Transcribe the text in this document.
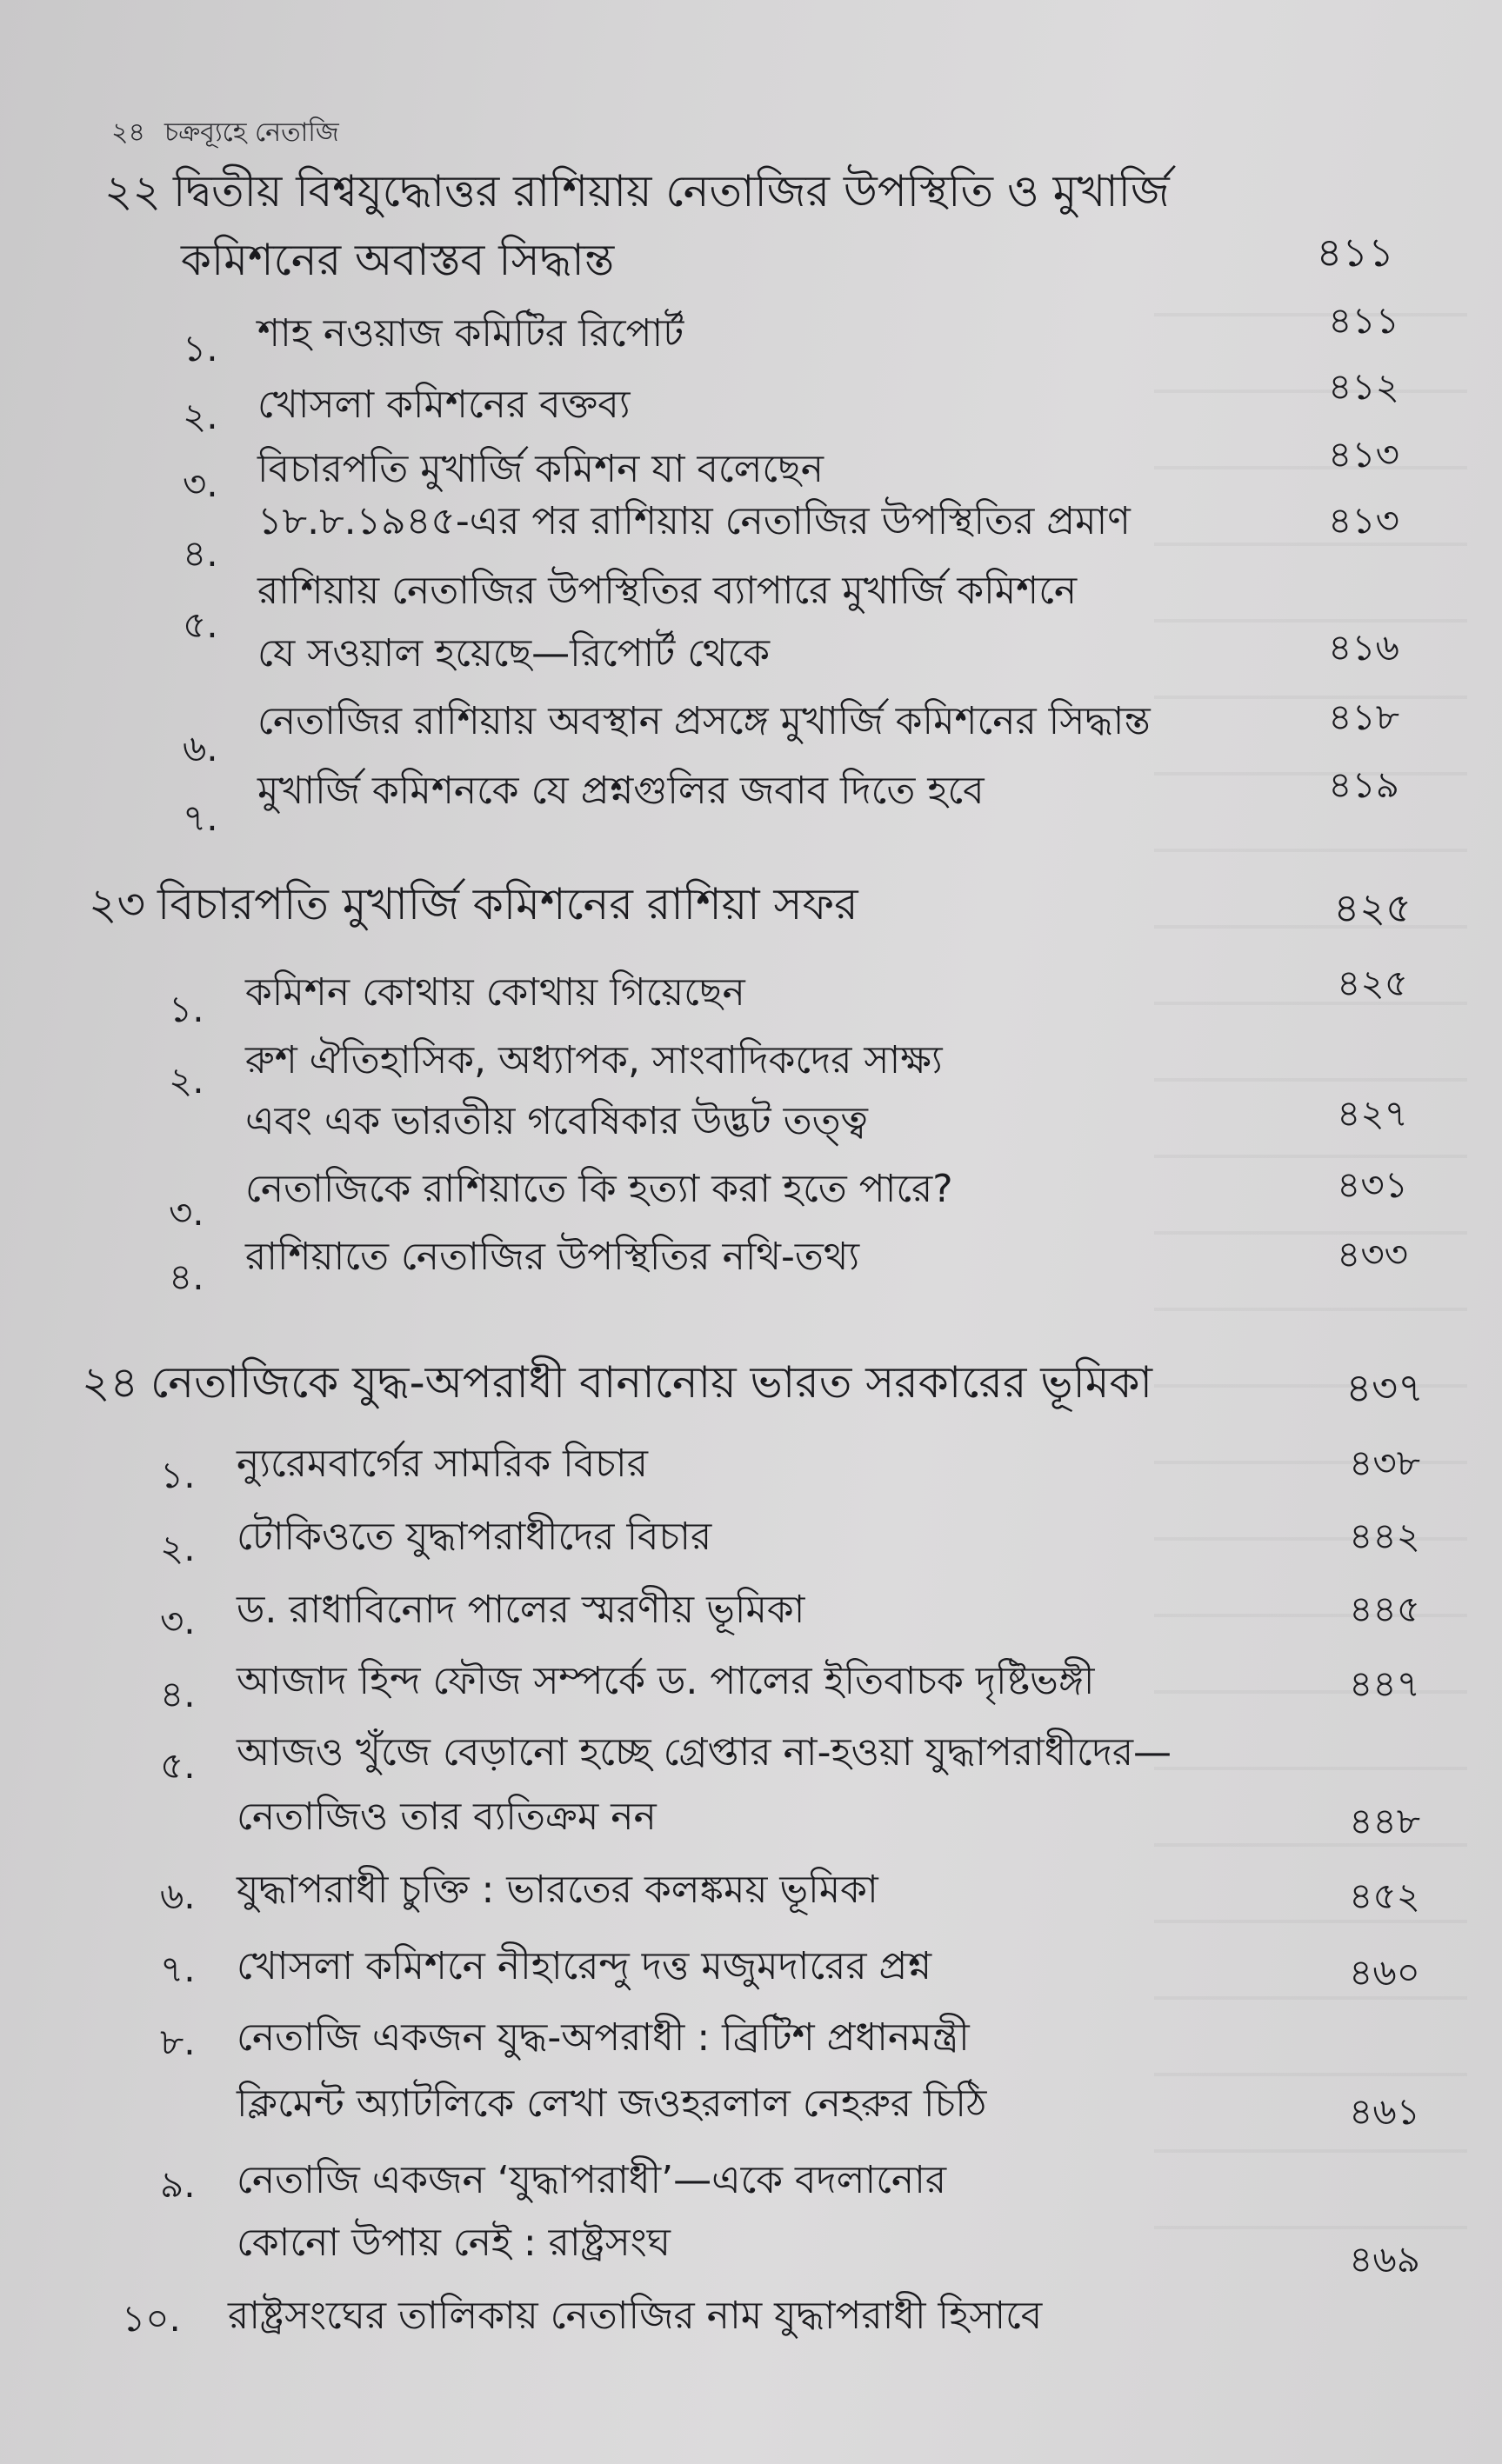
২৪ চক্রব্যূহে নেতাজি
২২ দ্বিতীয় বিশ্বযুদ্ধোত্তর রাশিয়ায় নেতাজির উপস্থিতি ও মুখার্জি
কমিশনের অবাস্তব সিদ্ধান্ত	৪১১
১. শাহ নওয়াজ কমিটির রিপোর্ট	৪১১
২. খোসলা কমিশনের বক্তব্য	৪১২
৩. বিচারপতি মুখার্জি কমিশন যা বলেছেন	৪১৩
৪.
১৮.৮.১৯৪৫-এর পর রাশিয়ায় নেতাজির উপস্থিতির প্রমাণ	৪১৩
৫.
রাশিয়ায় নেতাজির উপস্থিতির ব্যাপারে মুখার্জি কমিশনে
যে সওয়াল হয়েছে—রিপোর্ট থেকে	৪১৬
৬.
নেতাজির রাশিয়ায় অবস্থান প্রসঙ্গে মুখার্জি কমিশনের সিদ্ধান্ত	৪১৮
৭.
মুখার্জি কমিশনকে যে প্রশ্নগুলির জবাব দিতে হবে	৪১৯
২৩ বিচারপতি মুখার্জি কমিশনের রাশিয়া সফর	৪২৫
১. কমিশন কোথায় কোথায় গিয়েছেন	৪২৫
২. রুশ ঐতিহাসিক, অধ্যাপক, সাংবাদিকদের সাক্ষ্য
এবং এক ভারতীয় গবেষিকার উদ্ভট তত্ত্ব	৪২৭
৩.
নেতাজিকে রাশিয়াতে কি হত্যা করা হতে পারে?	৪৩১
৪. রাশিয়াতে নেতাজির উপস্থিতির নথি-তথ্য	৪৩৩
২৪ নেতাজিকে যুদ্ধ-অপরাধী বানানোয় ভারত সরকারের ভূমিকা	৪৩৭
১. ন্যুরেমবার্গের সামরিক বিচার	৪৩৮
২. টোকিওতে যুদ্ধাপরাধীদের বিচার	৪৪২
৩. ড. রাধাবিনোদ পালের স্মরণীয় ভূমিকা	৪৪৫
৪. আজাদ হিন্দ ফৌজ সম্পর্কে ড. পালের ইতিবাচক দৃষ্টিভঙ্গী	৪৪৭
৫. আজও খুঁজে বেড়ানো হচ্ছে গ্রেপ্তার না-হওয়া যুদ্ধাপরাধীদের—
নেতাজিও তার ব্যতিক্রম নন	৪৪৮
৬. যুদ্ধাপরাধী চুক্তি : ভারতের কলঙ্কময় ভূমিকা	৪৫২
৭. খোসলা কমিশনে নীহারেন্দু দত্ত মজুমদারের প্রশ্ন	৪৬০
৮. নেতাজি একজন যুদ্ধ-অপরাধী : ব্রিটিশ প্রধানমন্ত্রী
ক্লিমেন্ট অ্যাটলিকে লেখা জওহরলাল নেহরুর চিঠি	৪৬১
৯. নেতাজি একজন ‘যুদ্ধাপরাধী’—একে বদলানোর
কোনো উপায় নেই : রাষ্ট্রসংঘ	৪৬৯
১০. রাষ্ট্রসংঘের তালিকায় নেতাজির নাম যুদ্ধাপরাধী হিসাবে
